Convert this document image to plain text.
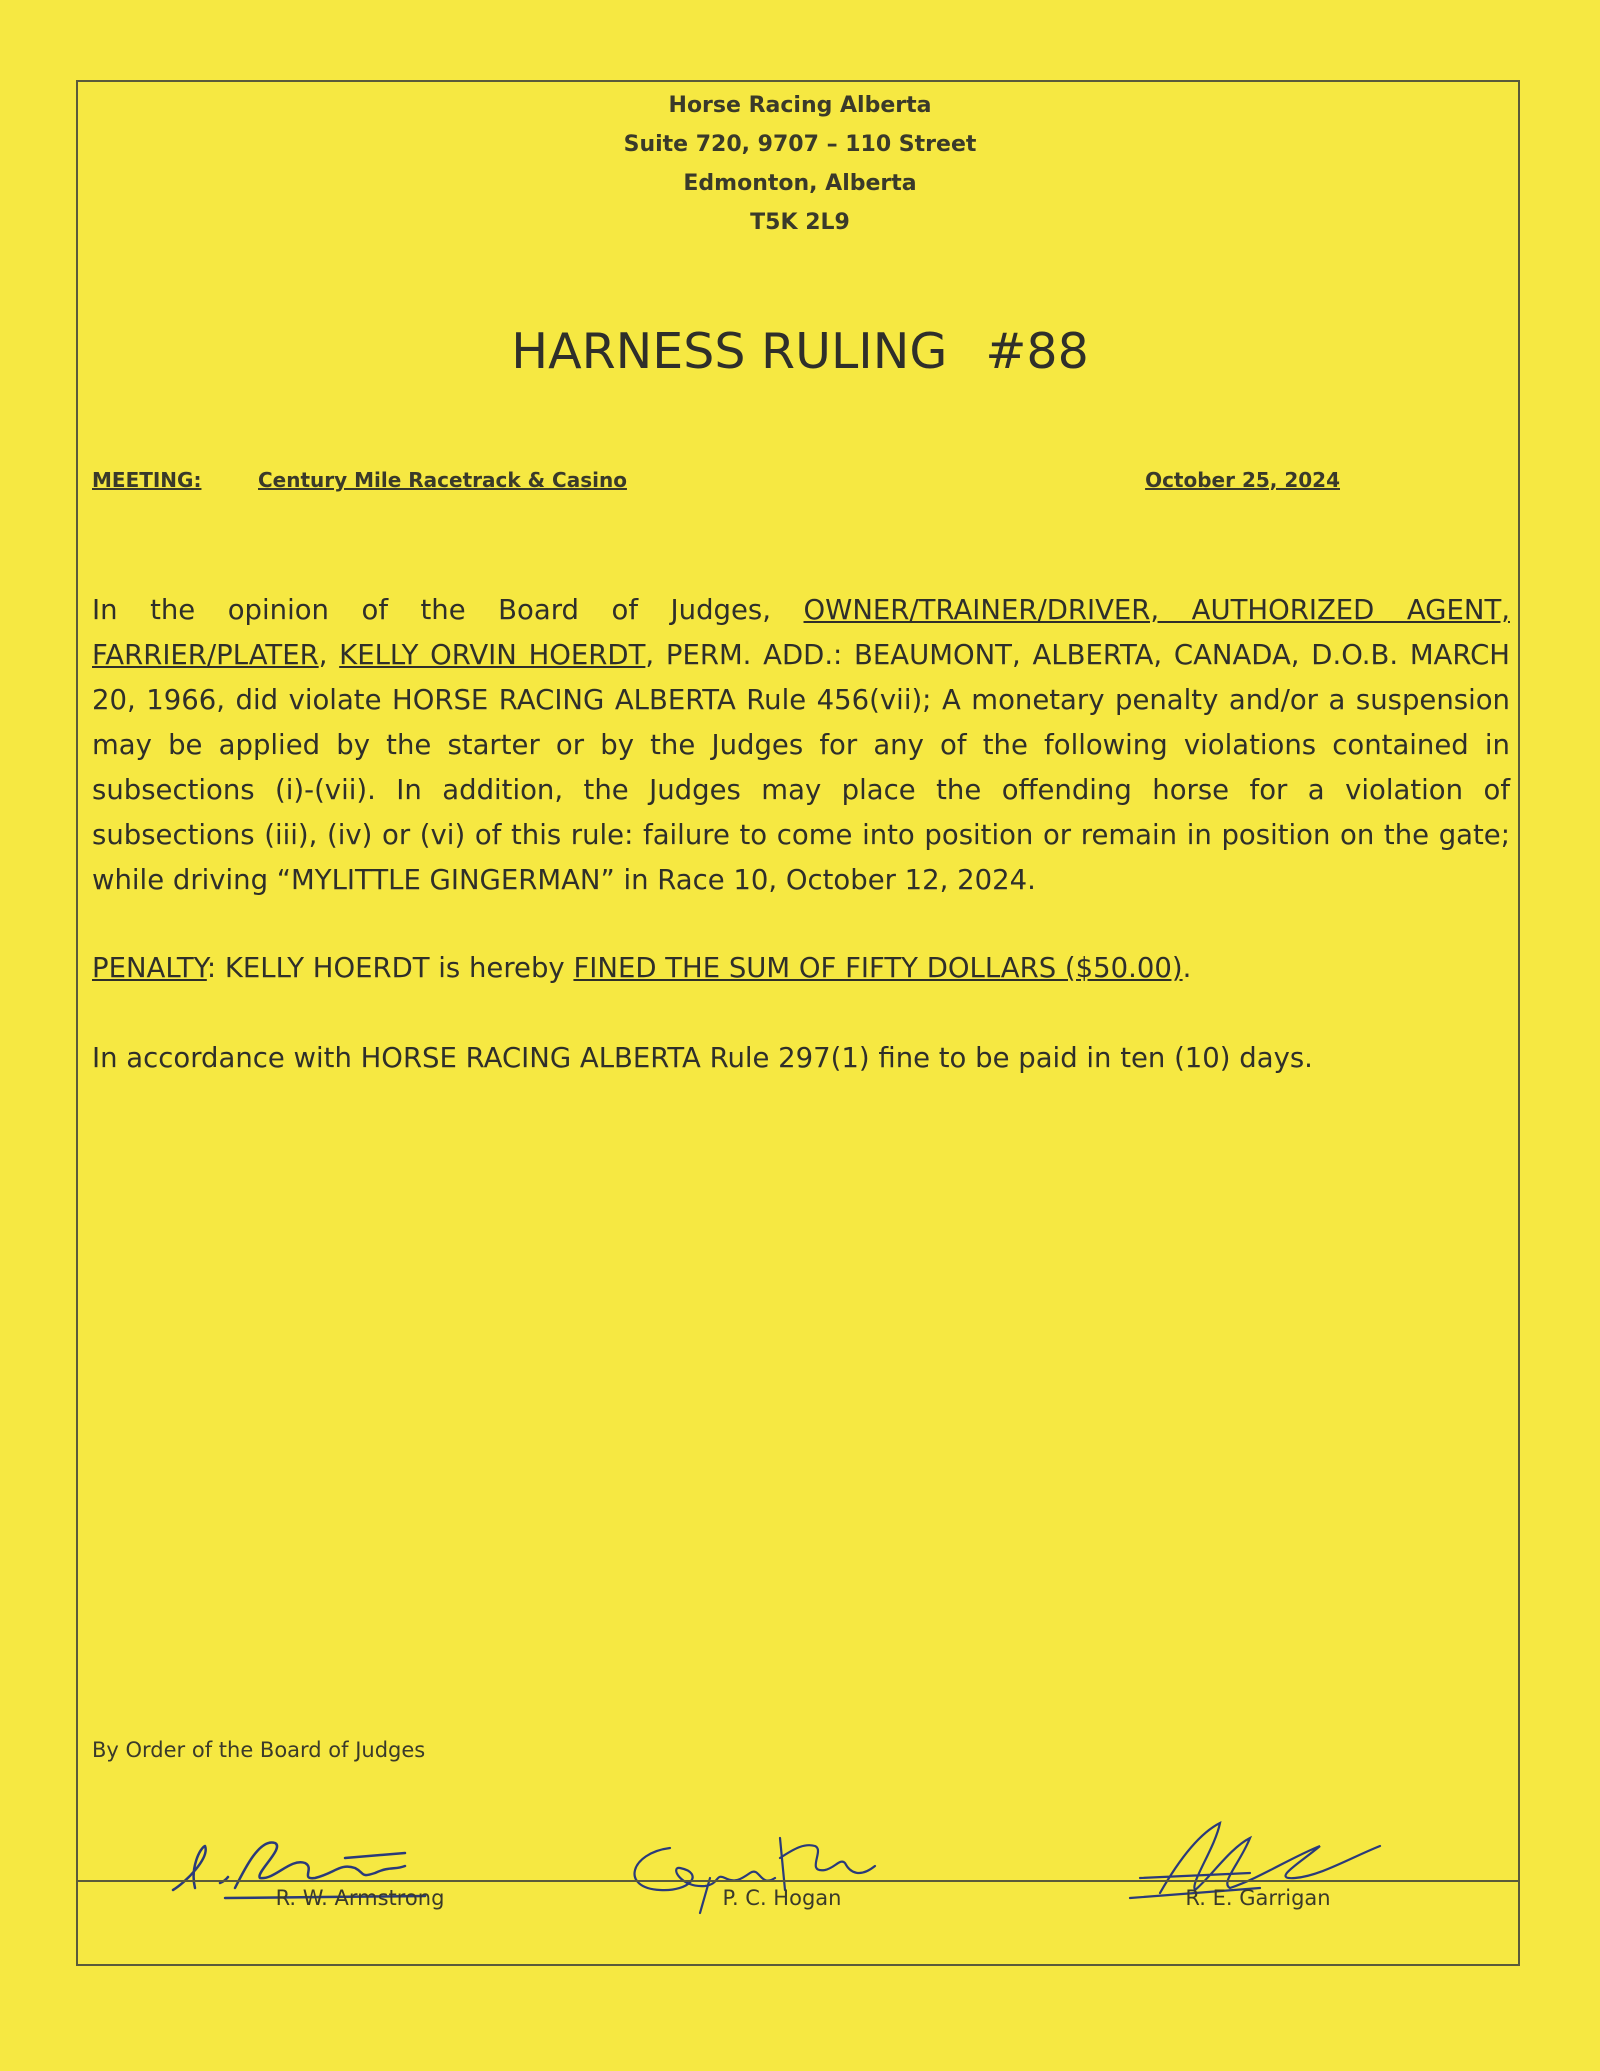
Horse Racing Alberta
Suite 720, 9707 – 110 Street
Edmonton, Alberta
T5K 2L9
HARNESS RULING #88
MEETING:	Century Mile Racetrack & Casino	October 25, 2024

In the opinion of the Board of Judges, OWNER/TRAINER/DRIVER, AUTHORIZED AGENT, FARRIER/PLATER, KELLY ORVIN HOERDT, PERM. ADD.: BEAUMONT, ALBERTA, CANADA, D.O.B. MARCH 20, 1966, did violate HORSE RACING ALBERTA Rule 456(vii); A monetary penalty and/or a suspension may be applied by the starter or by the Judges for any of the following violations contained in subsections (i)-(vii). In addition, the Judges may place the offending horse for a violation of subsections (iii), (iv) or (vi) of this rule: failure to come into position or remain in position on the gate; while driving “MYLITTLE GINGERMAN” in Race 10, October 12, 2024.

PENALTY: KELLY HOERDT is hereby FINED THE SUM OF FIFTY DOLLARS ($50.00).
In accordance with HORSE RACING ALBERTA Rule 297(1) fine to be paid in ten (10) days.
By Order of the Board of Judges
R. W. Armstrong	P. C. Hogan	R. E. Garrigan
